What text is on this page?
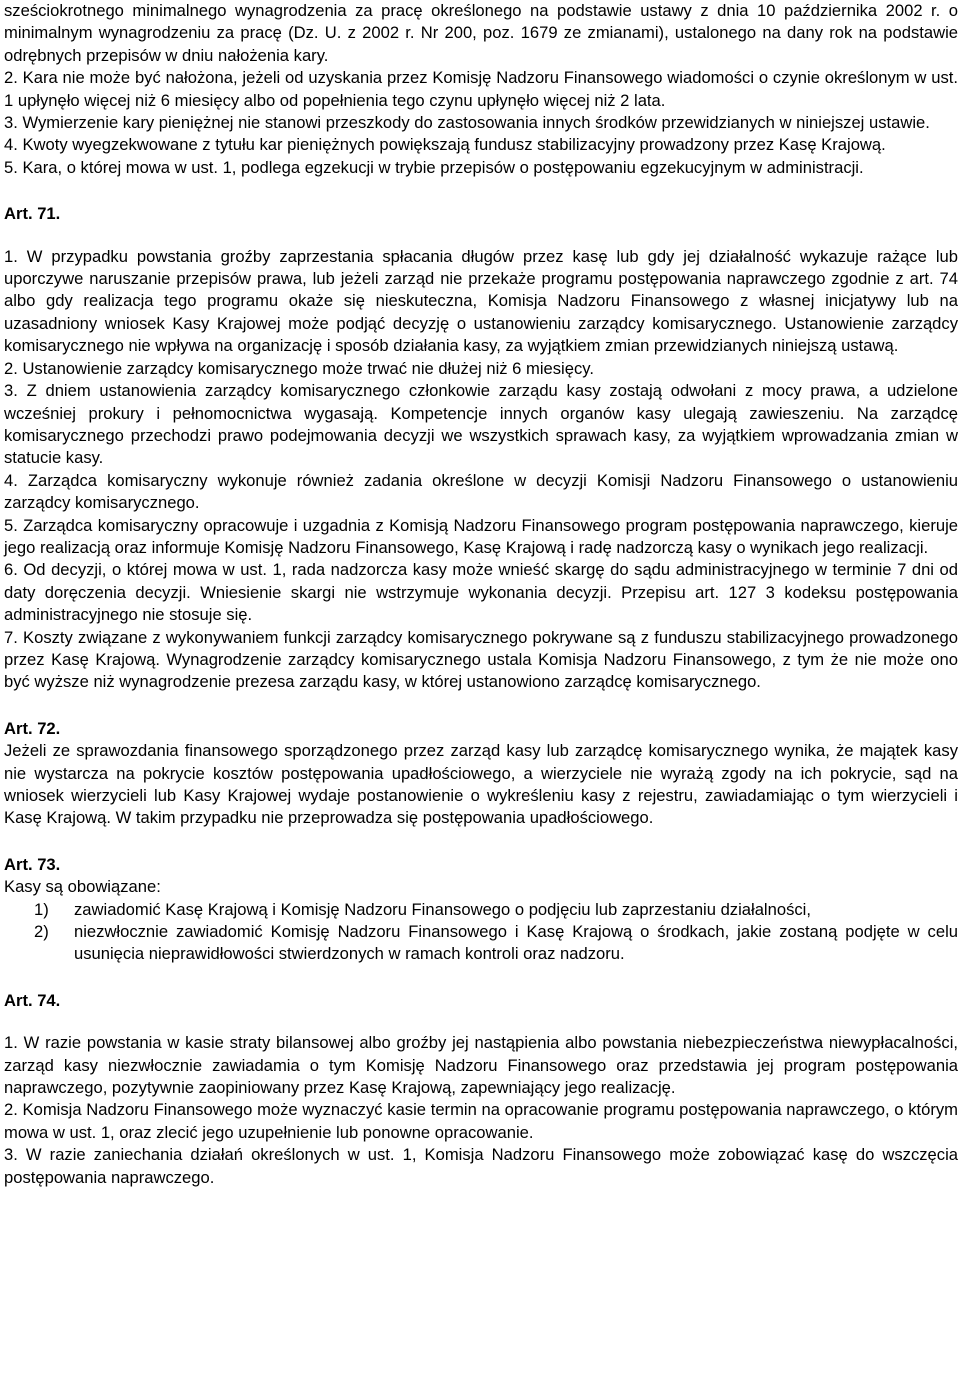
sześciokrotnego minimalnego wynagrodzenia za pracę określonego na podstawie ustawy z dnia 10 października 2002 r. o minimalnym wynagrodzeniu za pracę (Dz. U. z 2002 r. Nr 200, poz. 1679 ze zmianami), ustalonego na dany rok na podstawie odrębnych przepisów w dniu nałożenia kary.

2. Kara nie może być nałożona, jeżeli od uzyskania przez Komisję Nadzoru Finansowego wiadomości o czynie określonym w ust. 1 upłynęło więcej niż 6 miesięcy albo od popełnienia tego czynu upłynęło więcej niż 2 lata.

3. Wymierzenie kary pieniężnej nie stanowi przeszkody do zastosowania innych środków przewidzianych w niniejszej ustawie.

4. Kwoty wyegzekwowane z tytułu kar pieniężnych powiększają fundusz stabilizacyjny prowadzony przez Kasę Krajową.

5. Kara, o której mowa w ust. 1, podlega egzekucji w trybie przepisów o postępowaniu egzekucyjnym w administracji.

Art. 71.

1. W przypadku powstania groźby zaprzestania spłacania długów przez kasę lub gdy jej działalność wykazuje rażące lub uporczywe naruszanie przepisów prawa, lub jeżeli zarząd nie przekaże programu postępowania naprawczego zgodnie z art. 74 albo gdy realizacja tego programu okaże się nieskuteczna, Komisja Nadzoru Finansowego z własnej inicjatywy lub na uzasadniony wniosek Kasy Krajowej może podjąć decyzję o ustanowieniu zarządcy komisarycznego. Ustanowienie zarządcy komisarycznego nie wpływa na organizację i sposób działania kasy, za wyjątkiem zmian przewidzianych niniejszą ustawą.

2. Ustanowienie zarządcy komisarycznego może trwać nie dłużej niż 6 miesięcy.

3. Z dniem ustanowienia zarządcy komisarycznego członkowie zarządu kasy zostają odwołani z mocy prawa, a udzielone wcześniej prokury i pełnomocnictwa wygasają. Kompetencje innych organów kasy ulegają zawieszeniu. Na zarządcę komisarycznego przechodzi prawo podejmowania decyzji we wszystkich sprawach kasy, za wyjątkiem wprowadzania zmian w statucie kasy.

4. Zarządca komisaryczny wykonuje również zadania określone w decyzji Komisji Nadzoru Finansowego o ustanowieniu zarządcy komisarycznego.

5. Zarządca komisaryczny opracowuje i uzgadnia z Komisją Nadzoru Finansowego program postępowania naprawczego, kieruje jego realizacją oraz informuje Komisję Nadzoru Finansowego, Kasę Krajową i radę nadzorczą kasy o wynikach jego realizacji.

6. Od decyzji, o której mowa w ust. 1, rada nadzorcza kasy może wnieść skargę do sądu administracyjnego w terminie 7 dni od daty doręczenia decyzji. Wniesienie skargi nie wstrzymuje wykonania decyzji. Przepisu art. 127 3 kodeksu postępowania administracyjnego nie stosuje się.

7. Koszty związane z wykonywaniem funkcji zarządcy komisarycznego pokrywane są z funduszu stabilizacyjnego prowadzonego przez Kasę Krajową. Wynagrodzenie zarządcy komisarycznego ustala Komisja Nadzoru Finansowego, z tym że nie może ono być wyższe niż wynagrodzenie prezesa zarządu kasy, w której ustanowiono zarządcę komisarycznego.

Art. 72.

Jeżeli ze sprawozdania finansowego sporządzonego przez zarząd kasy lub zarządcę komisarycznego wynika, że majątek kasy nie wystarcza na pokrycie kosztów postępowania upadłościowego, a wierzyciele nie wyrażą zgody na ich pokrycie, sąd na wniosek wierzycieli lub Kasy Krajowej wydaje postanowienie o wykreśleniu kasy z rejestru, zawiadamiając o tym wierzycieli i Kasę Krajową. W takim przypadku nie przeprowadza się postępowania upadłościowego.

Art. 73.

Kasy są obowiązane:

1)	zawiadomić Kasę Krajową i Komisję Nadzoru Finansowego o podjęciu lub zaprzestaniu działalności,
2)	niezwłocznie zawiadomić Komisję Nadzoru Finansowego i Kasę Krajową o środkach, jakie zostaną podjęte w celu usunięcia nieprawidłowości stwierdzonych w ramach kontroli oraz nadzoru.

Art. 74.

1. W razie powstania w kasie straty bilansowej albo groźby jej nastąpienia albo powstania niebezpieczeństwa niewypłacalności, zarząd kasy niezwłocznie zawiadamia o tym Komisję Nadzoru Finansowego oraz przedstawia jej program postępowania naprawczego, pozytywnie zaopiniowany przez Kasę Krajową, zapewniający jego realizację.

2. Komisja Nadzoru Finansowego może wyznaczyć kasie termin na opracowanie programu postępowania naprawczego, o którym mowa w ust. 1, oraz zlecić jego uzupełnienie lub ponowne opracowanie.

3. W razie zaniechania działań określonych w ust. 1, Komisja Nadzoru Finansowego może zobowiązać kasę do wszczęcia postępowania naprawczego.
